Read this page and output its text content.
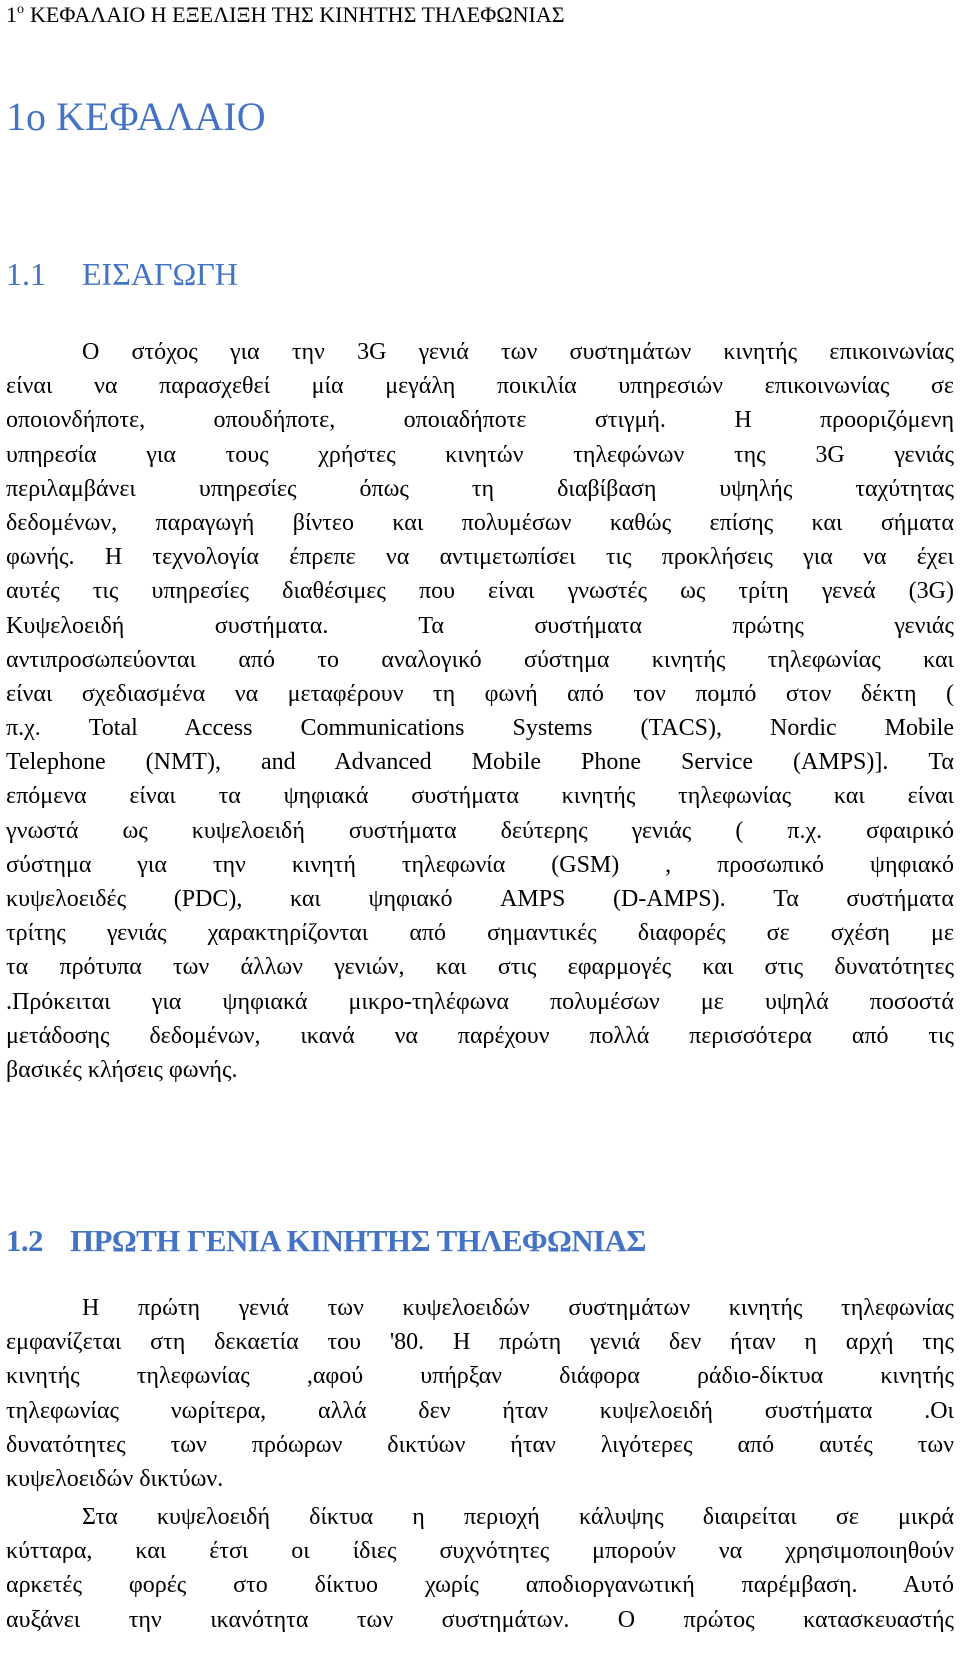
$1^o$ ΚΕΦΑΛΑΙΟ Η ΕΞΕΛΙΞΗ ΤΗΣ ΚΙΝΗΤΗΣ ΤΗΛΕΦΩΝΙΑΣ
1ο ΚΕΦΑΛΑΙΟ
1.1 ΕΙΣΑΓΩΓΗ
Ο στόχος για την 3G γενιά των συστημάτων κινητής επικοινωνίας
είναι να παρασχεθεί μία μεγάλη ποικιλία υπηρεσιών επικοινωνίας σε
οποιονδήποτε, οπουδήποτε, οποιαδήποτε στιγμή. Η προοριζόμενη
υπηρεσία για τους χρήστες κινητών τηλεφώνων της 3G γενιάς
περιλαμβάνει υπηρεσίες όπως τη διαβίβαση υψηλής ταχύτητας
δεδομένων, παραγωγή βίντεο και πολυμέσων καθώς επίσης και σήματα
φωνής. Η τεχνολογία έπρεπε να αντιμετωπίσει τις προκλήσεις για να έχει
αυτές τις υπηρεσίες διαθέσιμες που είναι γνωστές ως τρίτη γενεά (3G)
Κυψελοειδή συστήματα. Τα συστήματα πρώτης γενιάς
αντιπροσωπεύονται από το αναλογικό σύστημα κινητής τηλεφωνίας και
είναι σχεδιασμένα να μεταφέρουν τη φωνή από τον πομπό στον δέκτη (
π.χ. Total Access Communications Systems (TACS), Nordic Mobile
Telephone (NMT), and Advanced Mobile Phone Service (AMPS)]. Τα
επόμενα είναι τα ψηφιακά συστήματα κινητής τηλεφωνίας και είναι
γνωστά ως κυψελοειδή συστήματα δεύτερης γενιάς ( π.χ. σφαιρικό
σύστημα για την κινητή τηλεφωνία (GSM) , προσωπικό ψηφιακό
κυψελοειδές (PDC), και ψηφιακό AMPS (D-AMPS). Τα συστήματα
τρίτης γενιάς χαρακτηρίζονται από σημαντικές διαφορές σε σχέση με
τα πρότυπα των άλλων γενιών, και στις εφαρμογές και στις δυνατότητες
.Πρόκειται για ψηφιακά μικρο-τηλέφωνα πολυμέσων με υψηλά ποσοστά
μετάδοσης δεδομένων, ικανά να παρέχουν πολλά περισσότερα από τις
βασικές κλήσεις φωνής.
1.2 ΠΡΩΤΗ ΓΕΝΙΑ ΚΙΝΗΤΗΣ ΤΗΛΕΦΩΝΙΑΣ
Η πρώτη γενιά των κυψελοειδών συστημάτων κινητής τηλεφωνίας
εμφανίζεται στη δεκαετία του '80. Η πρώτη γενιά δεν ήταν η αρχή της
κινητής τηλεφωνίας ,αφού υπήρξαν διάφορα ράδιο-δίκτυα κινητής
τηλεφωνίας νωρίτερα, αλλά δεν ήταν κυψελοειδή συστήματα .Οι
δυνατότητες των πρόωρων δικτύων ήταν λιγότερες από αυτές των
κυψελοειδών δικτύων.
Στα κυψελοειδή δίκτυα η περιοχή κάλυψης διαιρείται σε μικρά
κύτταρα, και έτσι οι ίδιες συχνότητες μπορούν να χρησιμοποιηθούν
αρκετές φορές στο δίκτυο χωρίς αποδιοργανωτική παρέμβαση. Αυτό
αυξάνει την ικανότητα των συστημάτων. Ο πρώτος κατασκευαστής
